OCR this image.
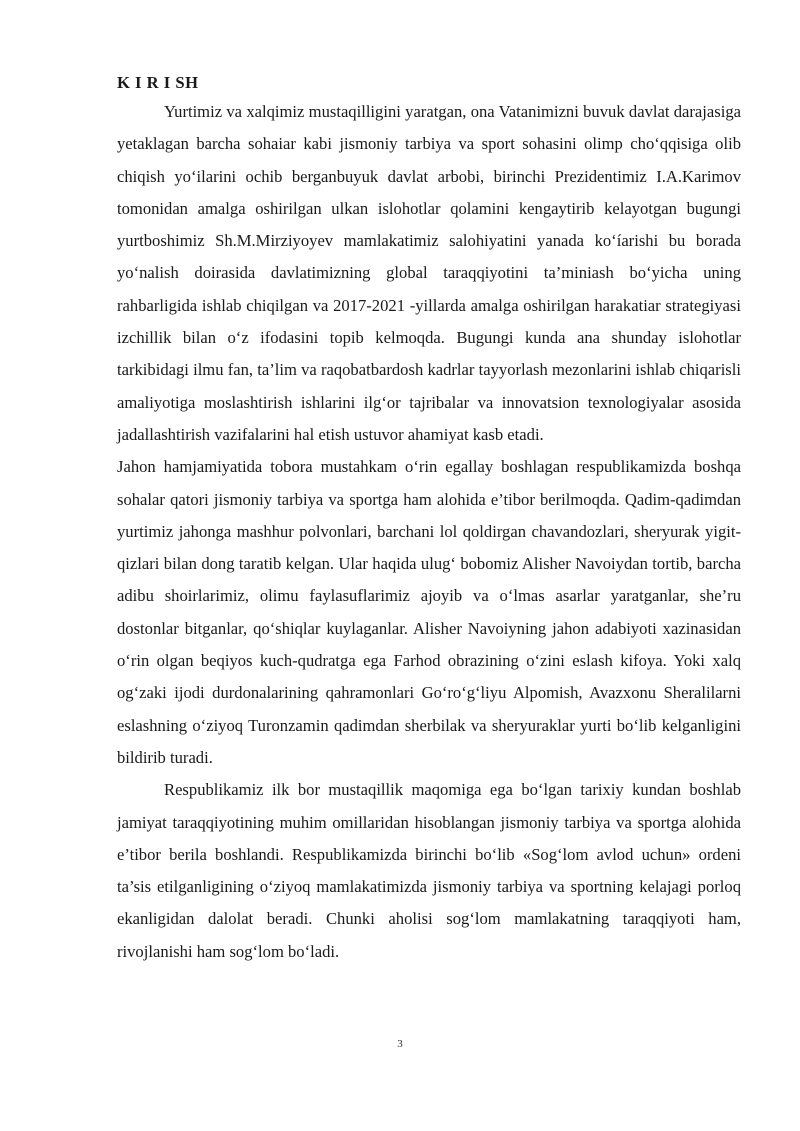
K I R I SH

Yurtimiz va xalqimiz mustaqilligini yaratgan, ona Vatanimizni buvuk davlat darajasiga yetaklagan barcha sohaiar kabi jismoniy tarbiya va sport sohasini olimp cho‘qqisiga olib chiqish yo‘ilarini ochib berganbuyuk davlat arbobi, birinchi Prezidentimiz I.A.Karimov tomonidan amalga oshirilgan ulkan islohotlar qolamini kengaytirib kelayotgan bugungi yurtboshimiz Sh.M.Mirziyoyev mamlakatimiz salohiyatini yanada ko‘íarishi bu borada yo‘nalish doirasida davlatimizning global taraqqiyotini ta’miniash bo‘yicha uning rahbarligida ishlab chiqilgan va 2017-2021 -yillarda amalga oshirilgan harakatiar strategiyasi izchillik bilan o‘z ifodasini topib kelmoqda. Bugungi kunda ana shunday islohotlar tarkibidagi ilmu fan, ta’lim va raqobatbardosh kadrlar tayyorlash mezonlarini ishlab chiqarisli amaliyotiga moslashtirish ishlarini ilg‘or tajribalar va innovatsion texnologiyalar asosida jadallashtirish vazifalarini hal etish ustuvor ahamiyat kasb etadi.

Jahon hamjamiyatida tobora mustahkam o‘rin egallay boshlagan respublikamizda boshqa sohalar qatori jismoniy tarbiya va sportga ham alohida e’tibor berilmoqda. Qadim-qadimdan yurtimiz jahonga mashhur polvonlari, barchani lol qoldirgan chavandozlari, sheryurak yigit-qizlari bilan dong taratib kelgan. Ular haqida ulug‘ bobomiz Alisher Navoiydan tortib, barcha adibu shoirlarimiz, olimu faylasuflarimiz ajoyib va o‘lmas asarlar yaratganlar, she’ru dostonlar bitganlar, qo‘shiqlar kuylaganlar. Alisher Navoiyning jahon adabiyoti xazinasidan o‘rin olgan beqiyos kuch-qudratga ega Farhod obrazining o‘zini eslash kifoya. Yoki xalq og‘zaki ijodi durdonalarining qahramonlari Go‘ro‘g‘liyu Alpomish, Avazxonu Sheralilarni eslashning o‘ziyoq Turonzamin qadimdan sherbilak va sheryuraklar yurti bo‘lib kelganligini bildirib turadi.

Respublikamiz ilk bor mustaqillik maqomiga ega bo‘lgan tarixiy kundan boshlab jamiyat taraqqiyotining muhim omillaridan hisoblangan jismoniy tarbiya va sportga alohida e’tibor berila boshlandi. Respublikamizda birinchi bo‘lib «Sog‘lom avlod uchun» ordeni ta’sis etilganligining o‘ziyoq mamlakatimizda jismoniy tarbiya va sportning kelajagi porloq ekanligidan dalolat beradi. Chunki aholisi sog‘lom mamlakatning taraqqiyoti ham, rivojlanishi ham sog‘lom bo‘ladi.

3
